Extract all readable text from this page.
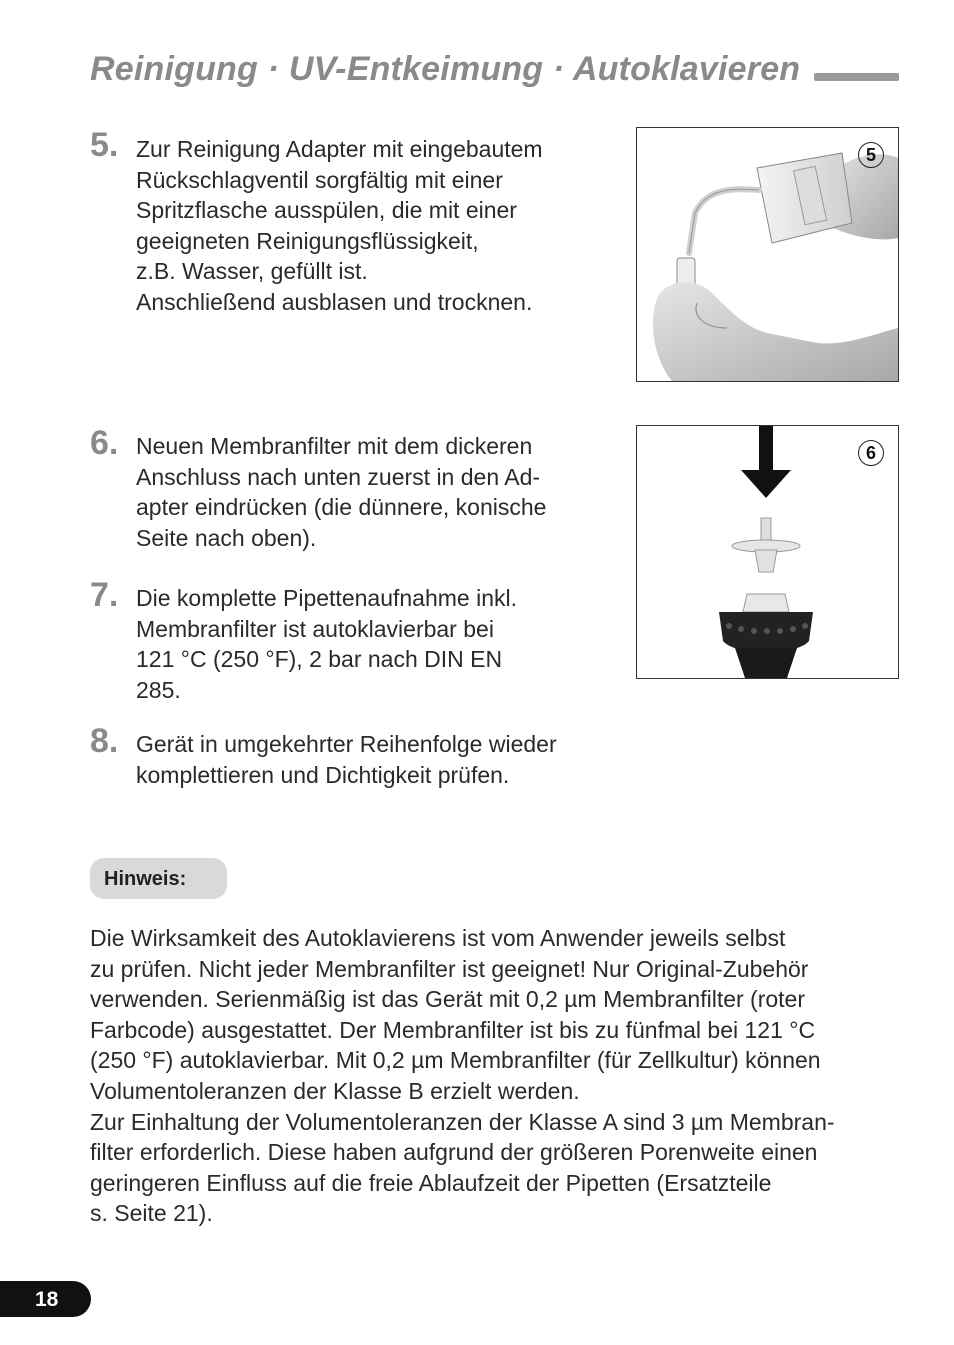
Reinigung · UV-Entkeimung · Autoklavieren
5. Zur Reinigung Adapter mit eingebautem
Rückschlagventil sorgfältig mit einer
Spritzflasche ausspülen, die mit einer
geeigneten Reinigungsflüssigkeit,
z.B. Wasser, gefüllt ist.
Anschließend ausblasen und trocknen.
6. Neuen Membranfilter mit dem dickeren
Anschluss nach unten zuerst in den Ad-
apter eindrücken (die dünnere, konische
Seite nach oben).
7. Die komplette Pipettenaufnahme inkl.
Membranfilter ist autoklavierbar bei
121 °C (250 °F), 2 bar nach DIN EN
285.
8. Gerät in umgekehrter Reihenfolge wieder
komplettieren und Dichtigkeit prüfen.
5
6
Hinweis:
Die Wirksamkeit des Autoklavierens ist vom Anwender jeweils selbst
zu prüfen. Nicht jeder Membranfilter ist geeignet! Nur Original-Zubehör
verwenden. Serienmäßig ist das Gerät mit 0,2 µm Membranfilter (roter
Farbcode) ausgestattet. Der Membranfilter ist bis zu fünfmal bei 121 °C
(250 °F) autoklavierbar. Mit 0,2 µm Membranfilter (für Zellkultur) können
Volumentoleranzen der Klasse B erzielt werden.
Zur Einhaltung der Volumentoleranzen der Klasse A sind 3 µm Membran-
filter erforderlich. Diese haben aufgrund der größeren Porenweite einen
geringeren Einfluss auf die freie Ablaufzeit der Pipetten (Ersatzteile
s. Seite 21).
18
